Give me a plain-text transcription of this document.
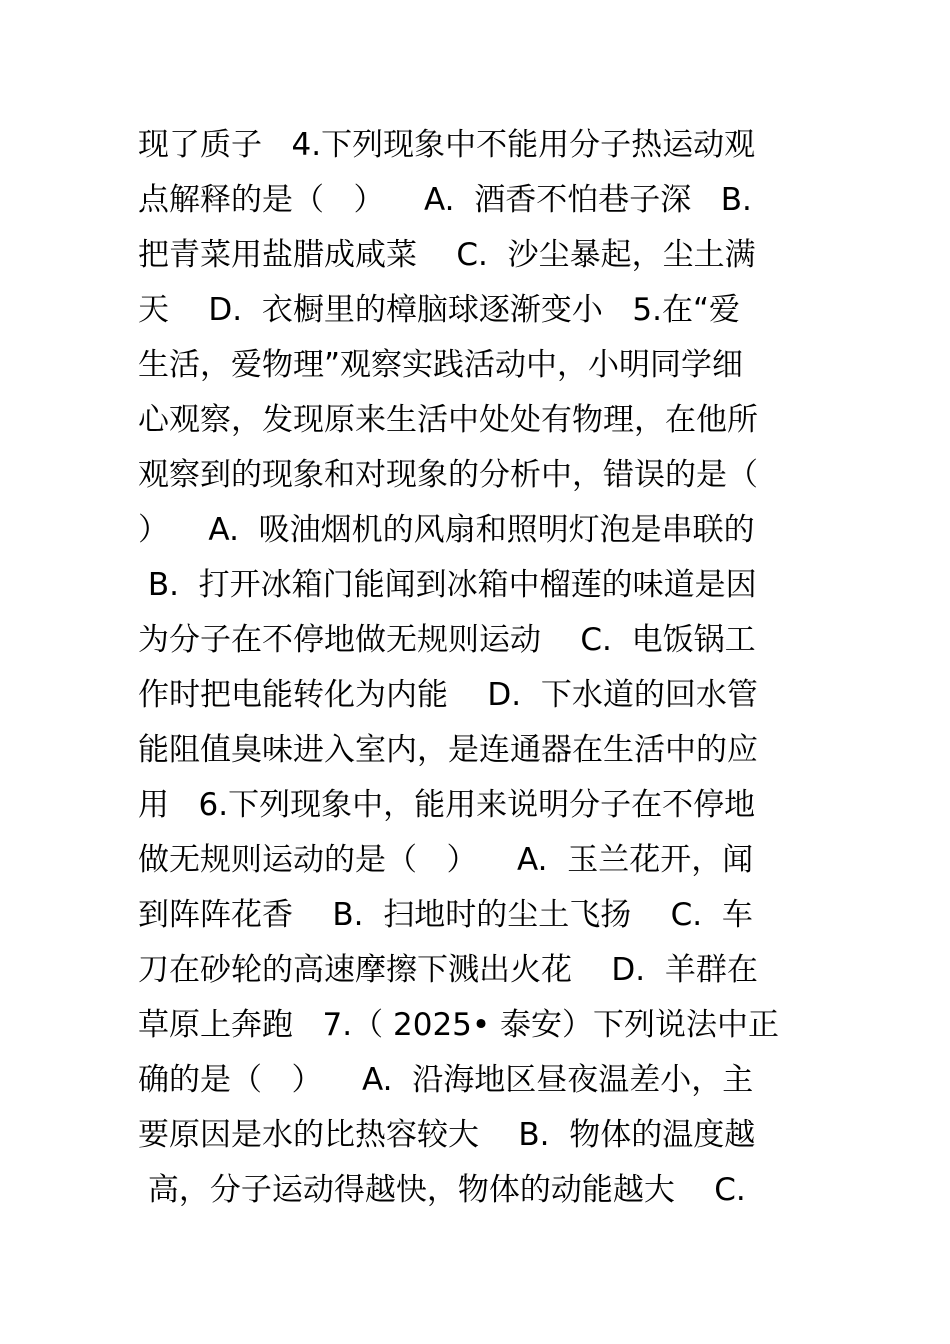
现了质子   4.下列现象中不能用分子热运动观
点解释的是（   ）    A.  酒香不怕巷子深   B.
把青菜用盐腊成咸菜    C.  沙尘暴起，尘土满
天    D.  衣橱里的樟脑球逐渐变小   5.在“爱
生活，爱物理”观察实践活动中，小明同学细
心观察，发现原来生活中处处有物理，在他所
观察到的现象和对现象的分析中，错误的是（
）    A.  吸油烟机的风扇和照明灯泡是串联的
B.  打开冰箱门能闻到冰箱中榴莲的味道是因
为分子在不停地做无规则运动    C.  电饭锅工
作时把电能转化为内能    D.  下水道的回水管
能阻值臭味进入室内，是连通器在生活中的应
用   6.下列现象中，能用来说明分子在不停地
做无规则运动的是（   ）    A.  玉兰花开，闻
到阵阵花香    B.  扫地时的尘土飞扬    C.  车
刀在砂轮的高速摩擦下溅出火花    D.  羊群在
草原上奔跑   7.（ 2025• 泰安）下列说法中正
确的是（   ）    A.  沿海地区昼夜温差小，主
要原因是水的比热容较大    B.  物体的温度越
高，分子运动得越快，物体的动能越大    C.
